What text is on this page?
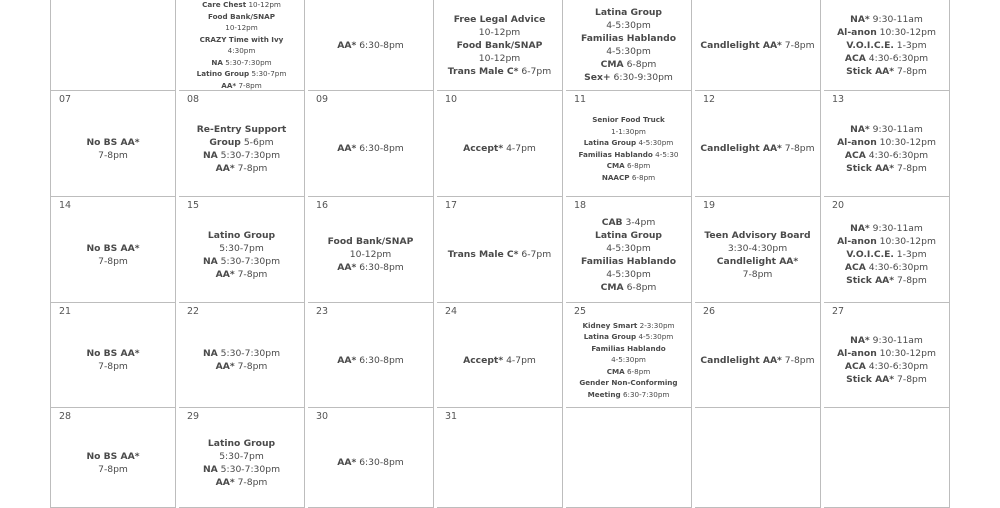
Care Chest 10-12pm
Food Bank/SNAP
10-12pm
CRAZY Time with Ivy
4:30pm
NA 5:30-7:30pm
Latino Group 5:30-7pm
AA* 7-8pm
AA* 6:30-8pm
Free Legal Advice
10-12pm
Food Bank/SNAP
10-12pm
Trans Male C* 6-7pm
Latina Group
4-5:30pm
Familias Hablando
4-5:30pm
CMA 6-8pm
Sex+ 6:30-9:30pm
Candlelight AA* 7-8pm
NA* 9:30-11am
Al-anon 10:30-12pm
V.O.I.C.E. 1-3pm
ACA 4:30-6:30pm
Stick AA* 7-8pm
07
No BS AA*
7-8pm
08
Re-Entry Support
Group 5-6pm
NA 5:30-7:30pm
AA* 7-8pm
09
AA* 6:30-8pm
10
Accept* 4-7pm
11
Senior Food Truck
1-1:30pm
Latina Group 4-5:30pm
Familias Hablando 4-5:30
CMA 6-8pm
NAACP 6-8pm
12
Candlelight AA* 7-8pm
13
NA* 9:30-11am
Al-anon 10:30-12pm
ACA 4:30-6:30pm
Stick AA* 7-8pm
14
No BS AA*
7-8pm
15
Latino Group
5:30-7pm
NA 5:30-7:30pm
AA* 7-8pm
16
Food Bank/SNAP
10-12pm
AA* 6:30-8pm
17
Trans Male C* 6-7pm
18
CAB 3-4pm
Latina Group
4-5:30pm
Familias Hablando
4-5:30pm
CMA 6-8pm
19
Teen Advisory Board
3:30-4:30pm
Candlelight AA*
7-8pm
20
NA* 9:30-11am
Al-anon 10:30-12pm
V.O.I.C.E. 1-3pm
ACA 4:30-6:30pm
Stick AA* 7-8pm
21
No BS AA*
7-8pm
22
NA 5:30-7:30pm
AA* 7-8pm
23
AA* 6:30-8pm
24
Accept* 4-7pm
25
Kidney Smart 2-3:30pm
Latina Group 4-5:30pm
Familias Hablando
4-5:30pm
CMA 6-8pm
Gender Non-Conforming
Meeting 6:30-7:30pm
26
Candlelight AA* 7-8pm
27
NA* 9:30-11am
Al-anon 10:30-12pm
ACA 4:30-6:30pm
Stick AA* 7-8pm
28
No BS AA*
7-8pm
29
Latino Group
5:30-7pm
NA 5:30-7:30pm
AA* 7-8pm
30
AA* 6:30-8pm
31
